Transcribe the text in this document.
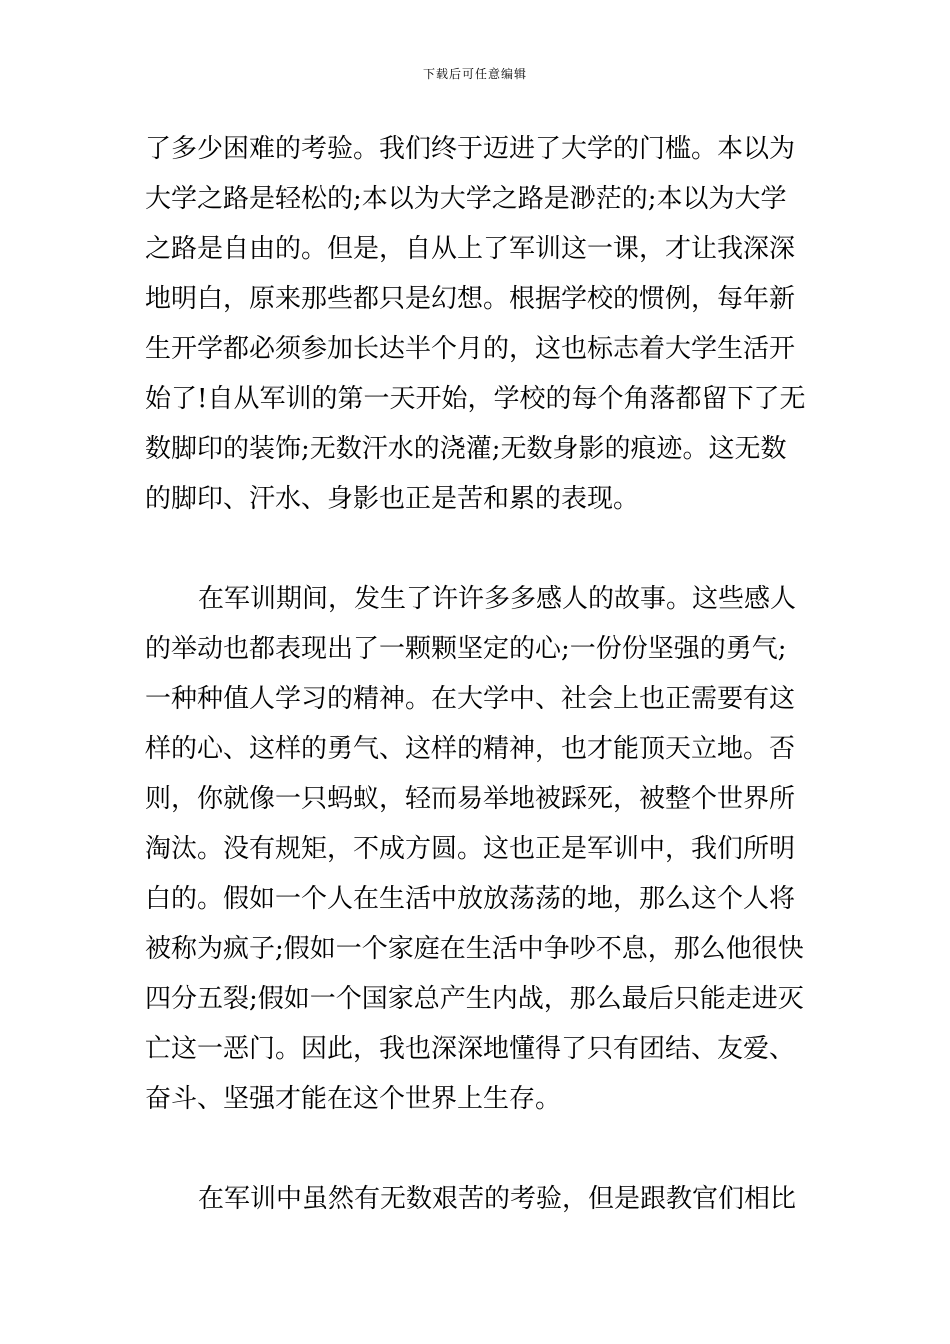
下载后可任意编辑
了多少困难的考验。我们终于迈进了大学的门槛。本以为
大学之路是轻松的;本以为大学之路是渺茫的;本以为大学
之路是自由的。但是，自从上了军训这一课，才让我深深
地明白，原来那些都只是幻想。根据学校的惯例，每年新
生开学都必须参加长达半个月的，这也标志着大学生活开
始了!自从军训的第一天开始，学校的每个角落都留下了无
数脚印的装饰;无数汗水的浇灌;无数身影的痕迹。这无数
的脚印、汗水、身影也正是苦和累的表现。
在军训期间，发生了许许多多感人的故事。这些感人
的举动也都表现出了一颗颗坚定的心;一份份坚强的勇气;
一种种值人学习的精神。在大学中、社会上也正需要有这
样的心、这样的勇气、这样的精神，也才能顶天立地。否
则，你就像一只蚂蚁，轻而易举地被踩死，被整个世界所
淘汰。没有规矩，不成方圆。这也正是军训中，我们所明
白的。假如一个人在生活中放放荡荡的地，那么这个人将
被称为疯子;假如一个家庭在生活中争吵不息，那么他很快
四分五裂;假如一个国家总产生内战，那么最后只能走进灭
亡这一恶门。因此，我也深深地懂得了只有团结、友爱、
奋斗、坚强才能在这个世界上生存。
在军训中虽然有无数艰苦的考验，但是跟教官们相比
